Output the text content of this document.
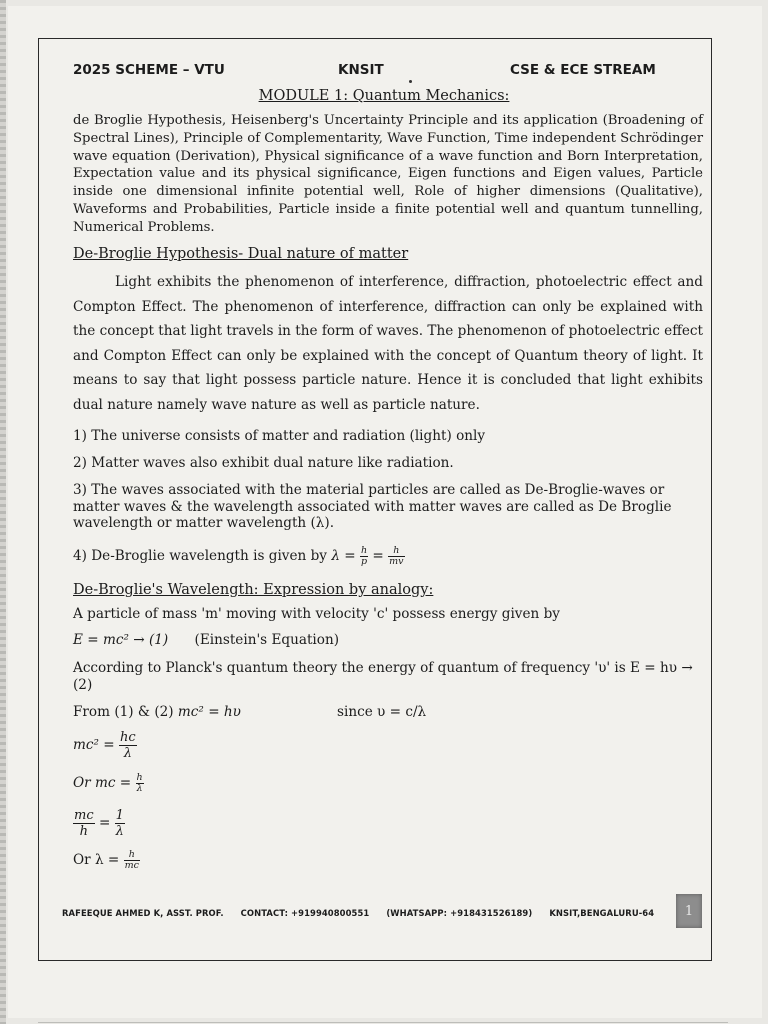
2025 SCHEME – VTU	KNSIT	CSE & ECE STREAM
MODULE 1: Quantum Mechanics:
de Broglie Hypothesis, Heisenberg's Uncertainty Principle and its application (Broadening of Spectral Lines), Principle of Complementarity, Wave Function, Time independent Schrödinger wave equation (Derivation), Physical significance of a wave function and Born Interpretation, Expectation value and its physical significance, Eigen functions and Eigen values, Particle inside one dimensional infinite potential well, Role of higher dimensions (Qualitative), Waveforms and Probabilities, Particle inside a finite potential well and quantum tunnelling, Numerical Problems.
De-Broglie Hypothesis- Dual nature of matter
Light exhibits the phenomenon of interference, diffraction, photoelectric effect and Compton Effect. The phenomenon of interference, diffraction can only be explained with the concept that light travels in the form of waves. The phenomenon of photoelectric effect and Compton Effect can only be explained with the concept of Quantum theory of light. It means to say that light possess particle nature. Hence it is concluded that light exhibits dual nature namely wave nature as well as particle nature.
1) The universe consists of matter and radiation (light) only
2) Matter waves also exhibit dual nature like radiation.
3) The waves associated with the material particles are called as De-Broglie-waves or matter waves & the wavelength associated with matter waves are called as De Broglie wavelength or matter wavelength (λ).
4) De-Broglie wavelength is given by $\lambda = \frac{h}{p} = \frac{h}{mv}$
De-Broglie's Wavelength: Expression by analogy:
A particle of mass 'm' moving with velocity 'c' possess energy given by
E = mc² → (1) (Einstein's Equation)
According to Planck's quantum theory the energy of quantum of frequency 'υ' is E = hυ → (2)
From (1) & (2) mc² = hυ	since υ = c/λ
$mc^2 = \frac{hc}{\lambda}$
Or mc = $\frac{h}{\lambda}$
$\frac{mc}{h} = \frac{1}{\lambda}$
Or $\lambda = \frac{h}{mc}$
RAFEEQUE AHMED K, ASST. PROF. CONTACT: +919940800551 (WHATSAPP: +918431526189) KNSIT,BENGALURU-64	1
